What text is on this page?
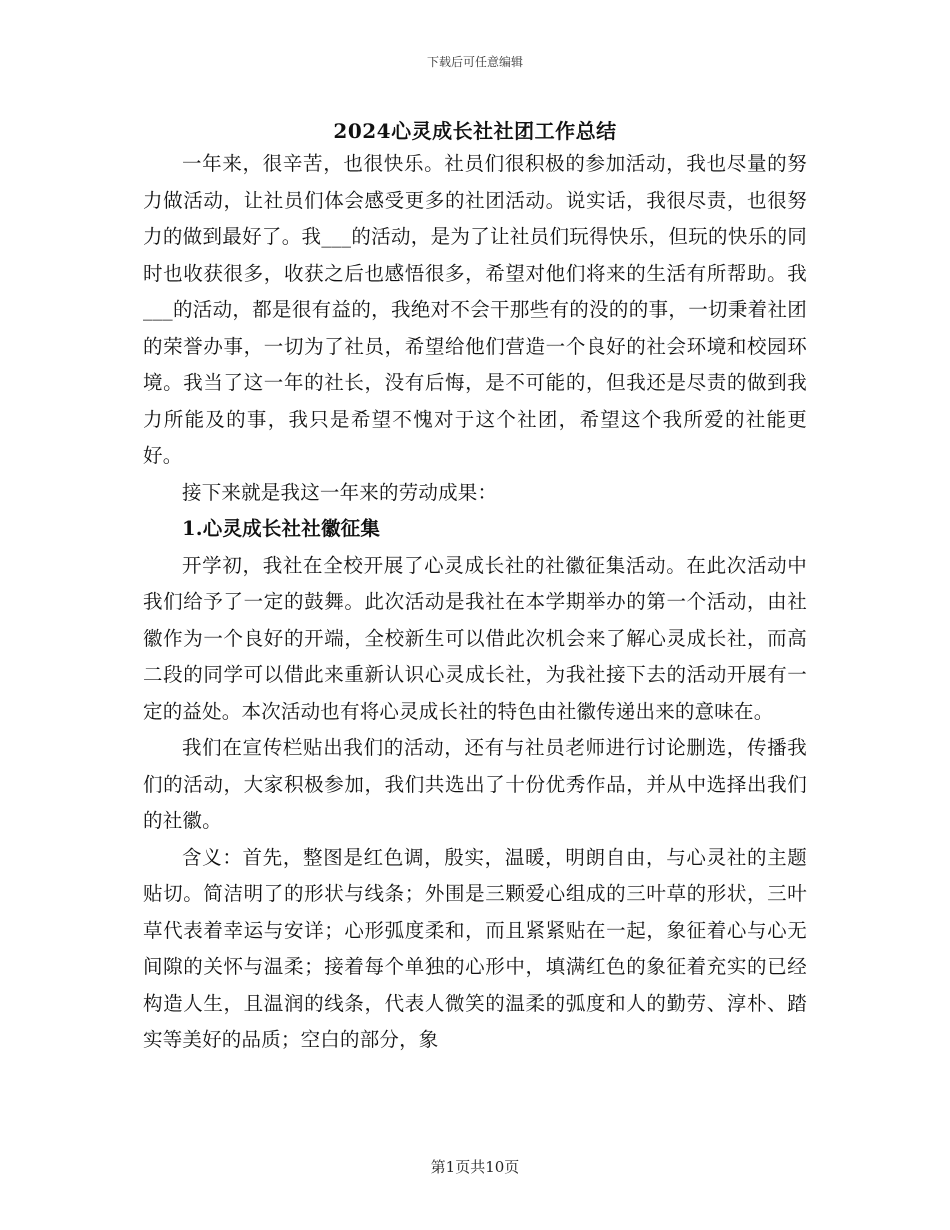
下载后可任意编辑
2024心灵成长社社团工作总结

一年来，很辛苦，也很快乐。社员们很积极的参加活动，我也尽量的努力做活动，让社员们体会感受更多的社团活动。说实话，我很尽责，也很努力的做到最好了。我___的活动，是为了让社员们玩得快乐，但玩的快乐的同时也收获很多，收获之后也感悟很多，希望对他们将来的生活有所帮助。我___的活动，都是很有益的，我绝对不会干那些有的没的的事，一切秉着社团的荣誉办事，一切为了社员，希望给他们营造一个良好的社会环境和校园环境。我当了这一年的社长，没有后悔，是不可能的，但我还是尽责的做到我力所能及的事，我只是希望不愧对于这个社团，希望这个我所爱的社能更好。

接下来就是我这一年来的劳动成果：

1.心灵成长社社徽征集

开学初，我社在全校开展了心灵成长社的社徽征集活动。在此次活动中我们给予了一定的鼓舞。此次活动是我社在本学期举办的第一个活动，由社徽作为一个良好的开端，全校新生可以借此次机会来了解心灵成长社，而高二段的同学可以借此来重新认识心灵成长社，为我社接下去的活动开展有一定的益处。本次活动也有将心灵成长社的特色由社徽传递出来的意味在。

我们在宣传栏贴出我们的活动，还有与社员老师进行讨论删选，传播我们的活动，大家积极参加，我们共选出了十份优秀作品，并从中选择出我们的社徽。

含义：首先，整图是红色调，殷实，温暖，明朗自由，与心灵社的主题贴切。简洁明了的形状与线条；外围是三颗爱心组成的三叶草的形状，三叶草代表着幸运与安详；心形弧度柔和，而且紧紧贴在一起，象征着心与心无间隙的关怀与温柔；接着每个单独的心形中，填满红色的象征着充实的已经构造人生，且温润的线条，代表人微笑的温柔的弧度和人的勤劳、淳朴、踏实等美好的品质；空白的部分，象

第1页共10页
